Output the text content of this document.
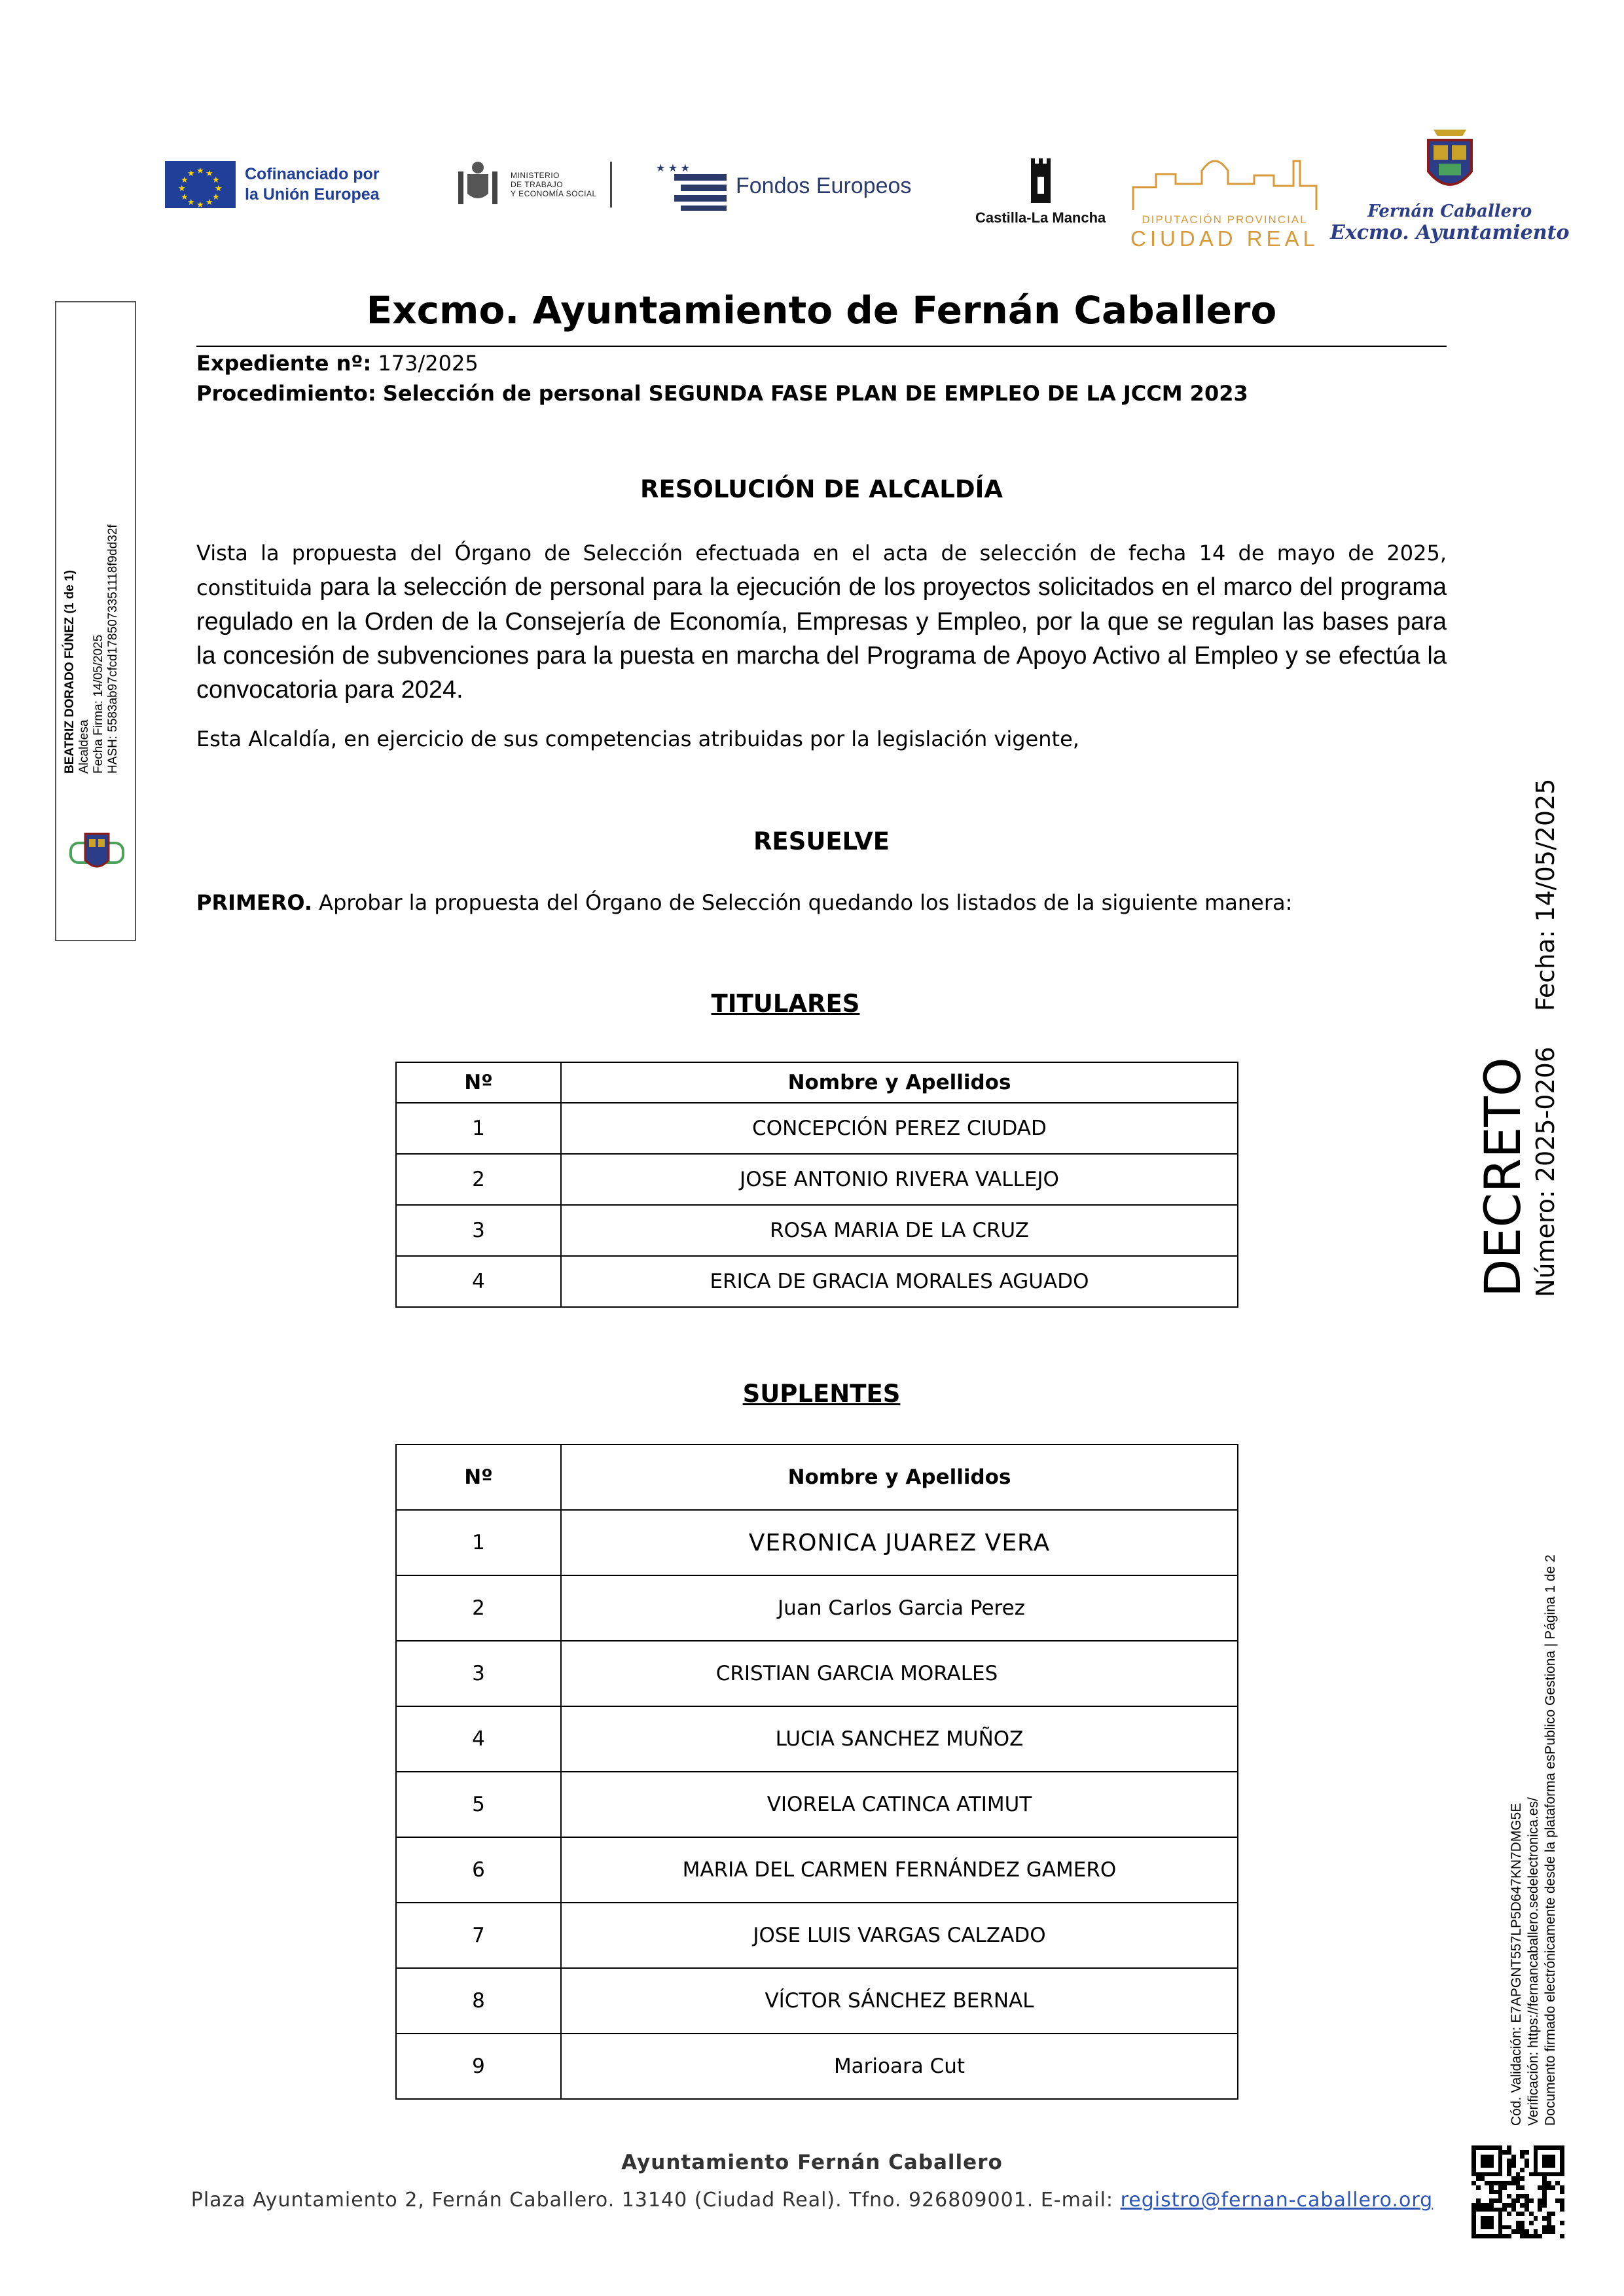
★ ★
★
★
★
★
★
★
★
★
★
★	Cofinanciado por
la Unión Europea
MINISTERIO
DE TRABAJO
Y ECONOMÍA SOCIAL
★ ★ ★
Fondos Europeos
Castilla-La Mancha	DIPUTACIÓN PROVINCIAL
CIUDAD REAL
Fernán Caballero
Excmo. Ayuntamiento
BEATRIZ DORADO FÚNEZ (1 de 1) Alcaldesa Fecha Firma: 14/05/2025 HASH: 5583ab97cfcd1785073351118f9dd32f
Excmo. Ayuntamiento de Fernán Caballero
Expediente nº: 173/2025
Procedimiento: Selección de personal SEGUNDA FASE PLAN DE EMPLEO DE LA JCCM 2023
RESOLUCIÓN DE ALCALDÍA
Vista la propuesta del Órgano de Selección efectuada en el acta de selección de fecha 14 de mayo de 2025, constituida para la selección de personal para la ejecución de los proyectos solicitados en el marco del programa regulado en la Orden de la Consejería de Economía, Empresas y Empleo, por la que se regulan las bases para la concesión de subvenciones para la puesta en marcha del Programa de Apoyo Activo al Empleo y se efectúa la convocatoria para 2024.
Esta Alcaldía, en ejercicio de sus competencias atribuidas por la legislación vigente,
RESUELVE
PRIMERO. Aprobar la propuesta del Órgano de Selección quedando los listados de la siguiente manera:
TITULARES
Nº	Nombre y Apellidos
1	CONCEPCIÓN PEREZ CIUDAD
2	JOSE ANTONIO RIVERA VALLEJO
3	ROSA MARIA DE LA CRUZ
4	ERICA DE GRACIA MORALES AGUADO
SUPLENTES
Nº	Nombre y Apellidos
1	VERONICA JUAREZ VERA
2	Juan Carlos Garcia Perez
3	CRISTIAN GARCIA MORALES
4	LUCIA SANCHEZ MUÑOZ
5	VIORELA CATINCA ATIMUT
6	MARIA DEL CARMEN FERNÁNDEZ GAMERO
7	JOSE LUIS VARGAS CALZADO
8	VÍCTOR SÁNCHEZ BERNAL
9	Marioara Cut
DECRETO Número: 2025-0206  Fecha: 14/05/2025
Cód. Validación: E7APGNT557LP5D647KN7DMG5E Verificación: https://fernancaballero.sedelectronica.es/ Documento firmado electrónicamente desde la plataforma esPublico Gestiona | Página 1 de 2
Ayuntamiento Fernán Caballero
Plaza Ayuntamiento 2, Fernán Caballero. 13140 (Ciudad Real). Tfno. 926809001. E-mail: registro@fernan-caballero.org
